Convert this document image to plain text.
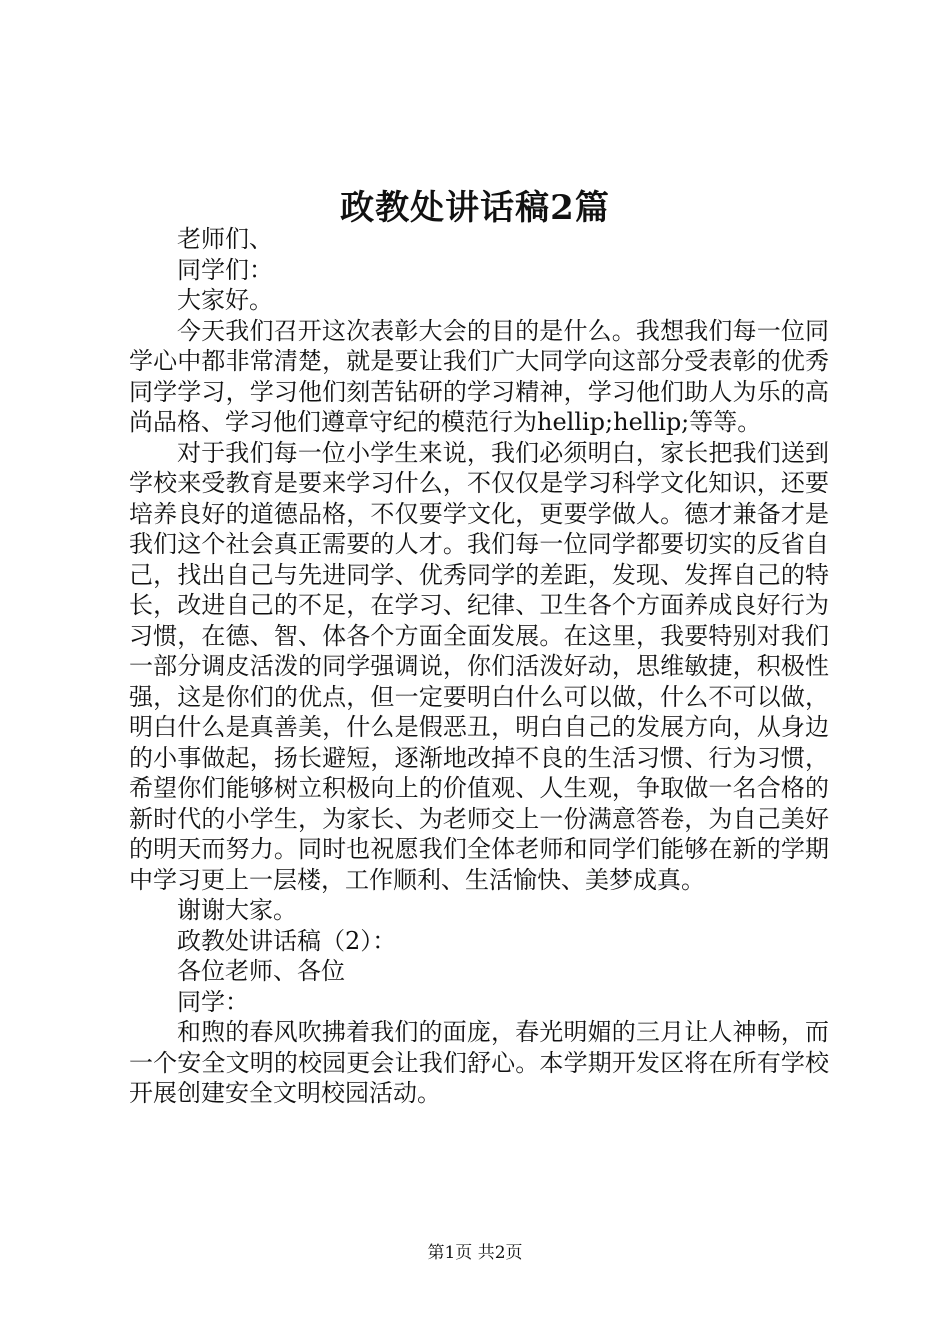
政教处讲话稿2篇

老师们、

同学们：

大家好。

今天我们召开这次表彰大会的目的是什么。我想我们每一位同学心中都非常清楚，就是要让我们广大同学向这部分受表彰的优秀同学学习，学习他们刻苦钻研的学习精神，学习他们助人为乐的高尚品格、学习他们遵章守纪的模范行为hellip;hellip;等等。

对于我们每一位小学生来说，我们必须明白，家长把我们送到学校来受教育是要来学习什么，不仅仅是学习科学文化知识，还要培养良好的道德品格，不仅要学文化，更要学做人。德才兼备才是我们这个社会真正需要的人才。我们每一位同学都要切实的反省自己，找出自己与先进同学、优秀同学的差距，发现、发挥自己的特长，改进自己的不足，在学习、纪律、卫生各个方面养成良好行为习惯，在德、智、体各个方面全面发展。在这里，我要特别对我们一部分调皮活泼的同学强调说，你们活泼好动，思维敏捷，积极性强，这是你们的优点，但一定要明白什么可以做，什么不可以做，明白什么是真善美，什么是假恶丑，明白自己的发展方向，从身边的小事做起，扬长避短，逐渐地改掉不良的生活习惯、行为习惯，希望你们能够树立积极向上的价值观、人生观，争取做一名合格的新时代的小学生，为家长、为老师交上一份满意答卷，为自己美好的明天而努力。同时也祝愿我们全体老师和同学们能够在新的学期中学习更上一层楼，工作顺利、生活愉快、美梦成真。

谢谢大家。

政教处讲话稿（2）：

各位老师、各位

同学：

和煦的春风吹拂着我们的面庞，春光明媚的三月让人神畅，而一个安全文明的校园更会让我们舒心。本学期开发区将在所有学校开展创建安全文明校园活动。

第1页 共2页
